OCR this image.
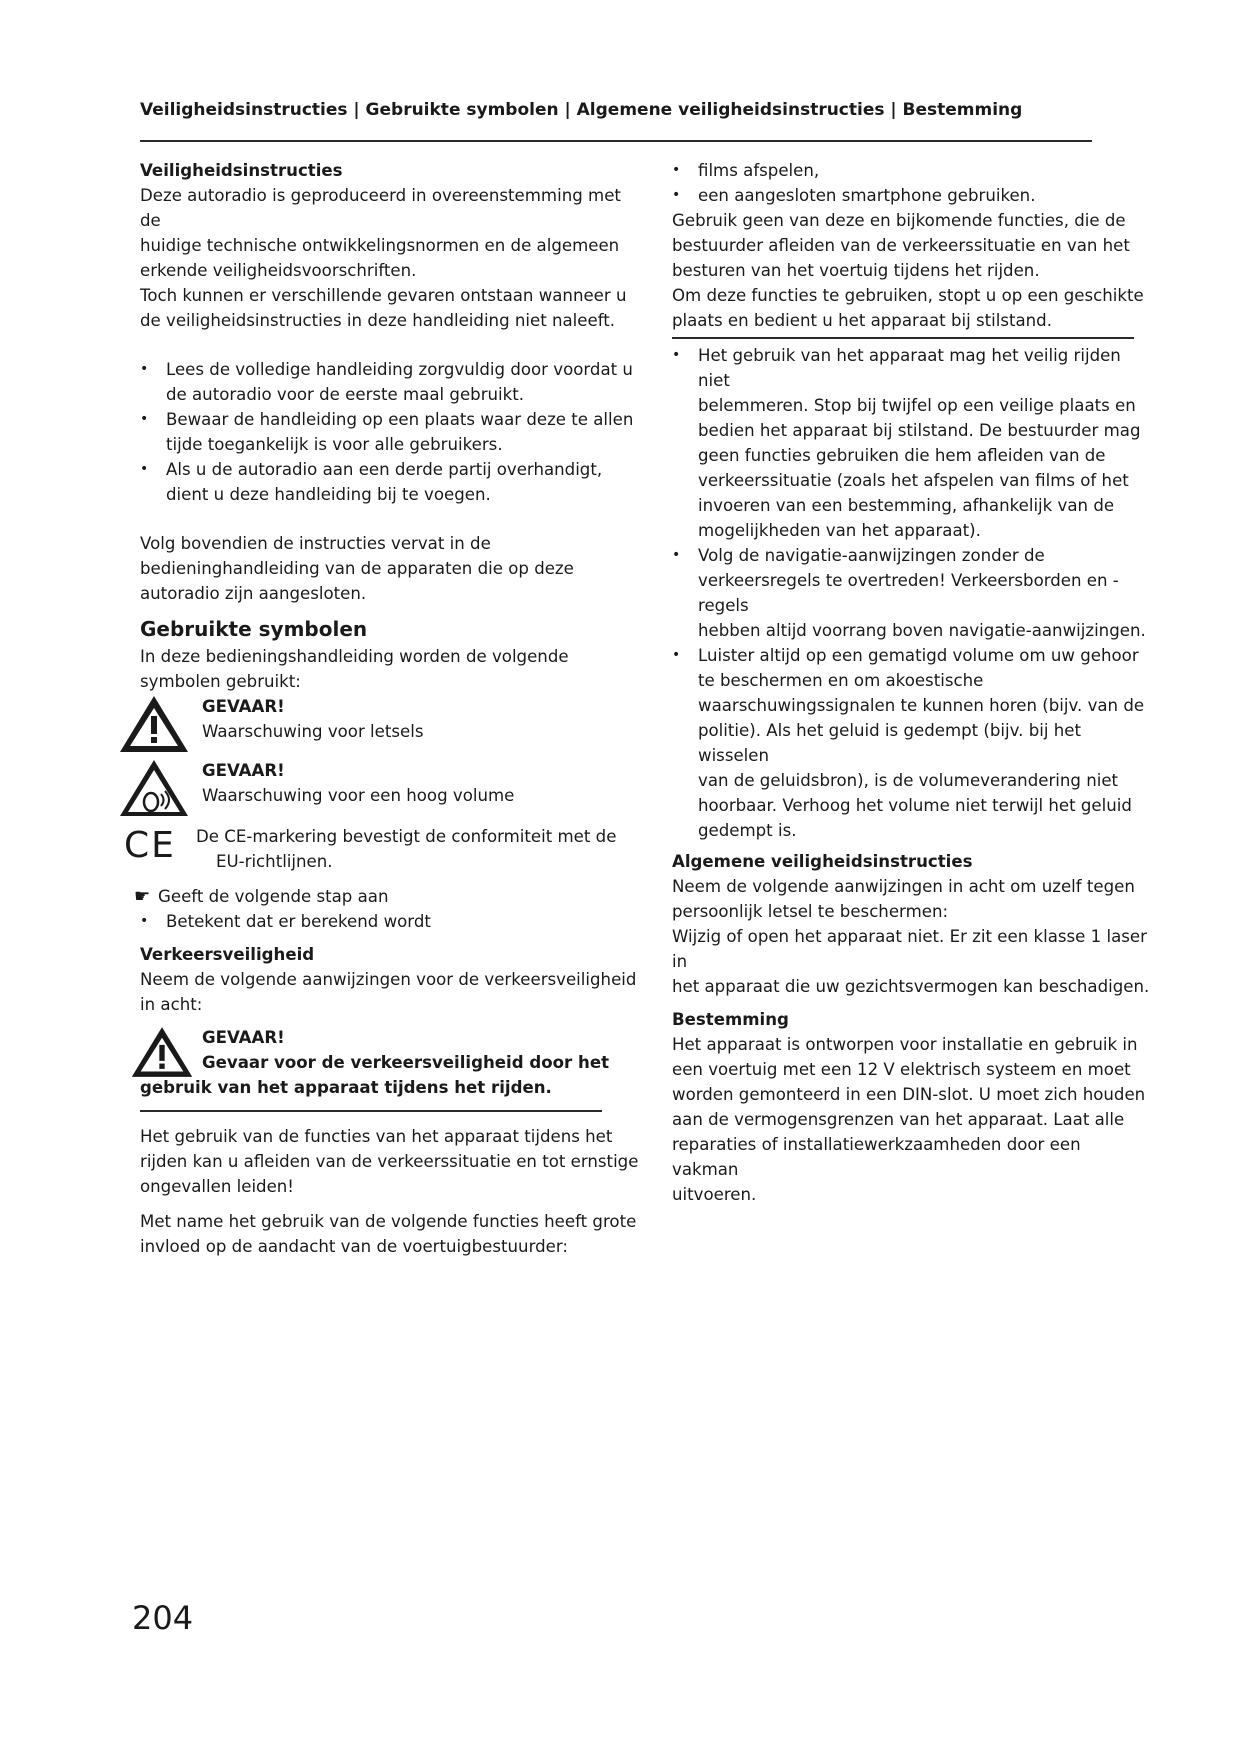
Veiligheidsinstructies | Gebruikte symbolen | Algemene veiligheidsinstructies | Bestemming
Veiligheidsinstructies

Deze autoradio is geproduceerd in overeenstemming met de

huidige technische ontwikkelingsnormen en de algemeen

erkende veiligheidsvoorschriften.

Toch kunnen er verschillende gevaren ontstaan wanneer u

de veiligheidsinstructies in deze handleiding niet naleeft.

• Lees de volledige handleiding zorgvuldig door voordat u
de autoradio voor de eerste maal gebruikt.
• Bewaar de handleiding op een plaats waar deze te allen
tijde toegankelijk is voor alle gebruikers.
• Als u de autoradio aan een derde partij overhandigt,
dient u deze handleiding bij te voegen.

Volg bovendien de instructies vervat in de

bedieninghandleiding van de apparaten die op deze

autoradio zijn aangesloten.

Gebruikte symbolen

In deze bedieningshandleiding worden de volgende

symbolen gebruikt:

GEVAAR!
Waarschuwing voor letsels
GEVAAR!
Waarschuwing voor een hoog volume
CE De CE-markering bevestigt de conformiteit met de
EU-richtlijnen.
☛ Geeft de volgende stap aan
• Betekent dat er berekend wordt
Verkeersveiligheid

Neem de volgende aanwijzingen voor de verkeersveiligheid

in acht:

GEVAAR!
Gevaar voor de verkeersveiligheid door het
gebruik van het apparaat tijdens het rijden.

Het gebruik van de functies van het apparaat tijdens het

rijden kan u afleiden van de verkeerssituatie en tot ernstige

ongevallen leiden!

Met name het gebruik van de volgende functies heeft grote

invloed op de aandacht van de voertuigbestuurder:

• films afspelen,
• een aangesloten smartphone gebruiken.

Gebruik geen van deze en bijkomende functies, die de

bestuurder afleiden van de verkeerssituatie en van het

besturen van het voertuig tijdens het rijden.

Om deze functies te gebruiken, stopt u op een geschikte

plaats en bedient u het apparaat bij stilstand.

• Het gebruik van het apparaat mag het veilig rijden niet
belemmeren. Stop bij twijfel op een veilige plaats en
bedien het apparaat bij stilstand. De bestuurder mag
geen functies gebruiken die hem afleiden van de
verkeerssituatie (zoals het afspelen van films of het
invoeren van een bestemming, afhankelijk van de
mogelijkheden van het apparaat).
• Volg de navigatie-aanwijzingen zonder de
verkeersregels te overtreden! Verkeersborden en -regels
hebben altijd voorrang boven navigatie-aanwijzingen.
• Luister altijd op een gematigd volume om uw gehoor
te beschermen en om akoestische
waarschuwingssignalen te kunnen horen (bijv. van de
politie). Als het geluid is gedempt (bijv. bij het wisselen
van de geluidsbron), is de volumeverandering niet
hoorbaar. Verhoog het volume niet terwijl het geluid
gedempt is.
Algemene veiligheidsinstructies

Neem de volgende aanwijzingen in acht om uzelf tegen

persoonlijk letsel te beschermen:

Wijzig of open het apparaat niet. Er zit een klasse 1 laser in

het apparaat die uw gezichtsvermogen kan beschadigen.

Bestemming

Het apparaat is ontworpen voor installatie en gebruik in

een voertuig met een 12 V elektrisch systeem en moet

worden gemonteerd in een DIN-slot. U moet zich houden

aan de vermogensgrenzen van het apparaat. Laat alle

reparaties of installatiewerkzaamheden door een vakman

uitvoeren.

204
